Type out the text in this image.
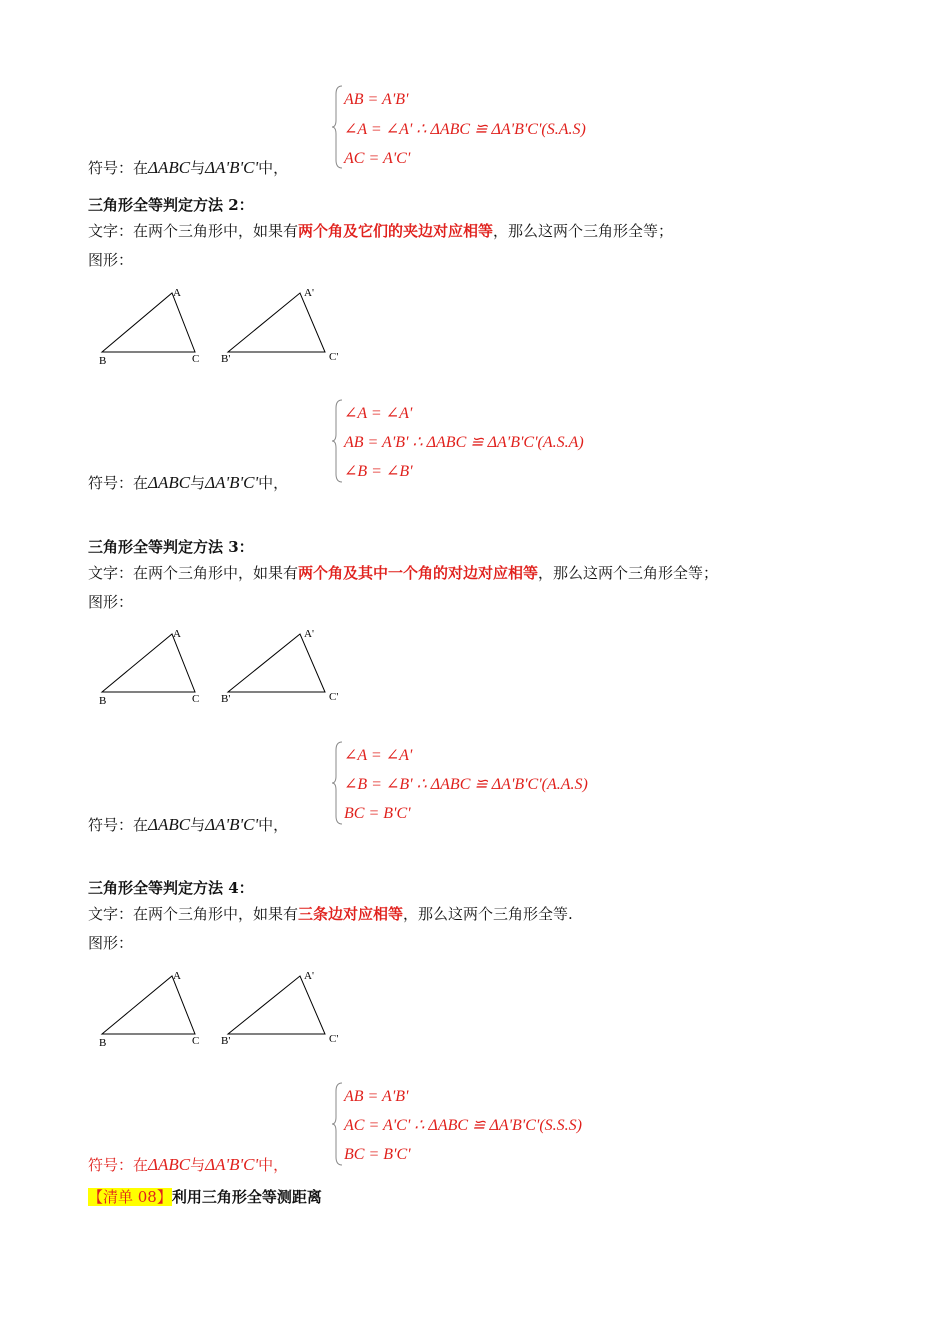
AB = A'B'
∠A = ∠A' ∴ ΔABC ≌ ΔA'B'C'(S.A.S)
AC = A'C'
符号：在ΔABC与ΔA'B'C'中，
三角形全等判定方法 2：
文字：在两个三角形中，如果有两个角及它们的夹边对应相等，那么这两个三角形全等；
图形：
A
B	C
A'
B'	C'
∠A = ∠A'
AB = A'B' ∴ ΔABC ≌ ΔA'B'C'(A.S.A)
∠B = ∠B'
符号：在ΔABC与ΔA'B'C'中，
三角形全等判定方法 3：
文字：在两个三角形中，如果有两个角及其中一个角的对边对应相等，那么这两个三角形全等；
图形：
A
B	C
A'
B'	C'
∠A = ∠A'
∠B = ∠B' ∴ ΔABC ≌ ΔA'B'C'(A.A.S)
BC = B'C'
符号：在ΔABC与ΔA'B'C'中，
三角形全等判定方法 4：
文字：在两个三角形中，如果有三条边对应相等，那么这两个三角形全等.
图形：
A
B	C
A'
B'	C'
AB = A'B'
AC = A'C' ∴ ΔABC ≌ ΔA'B'C'(S.S.S)
BC = B'C'
符号：在ΔABC与ΔA'B'C'中，
【清单 08】利用三角形全等测距离
